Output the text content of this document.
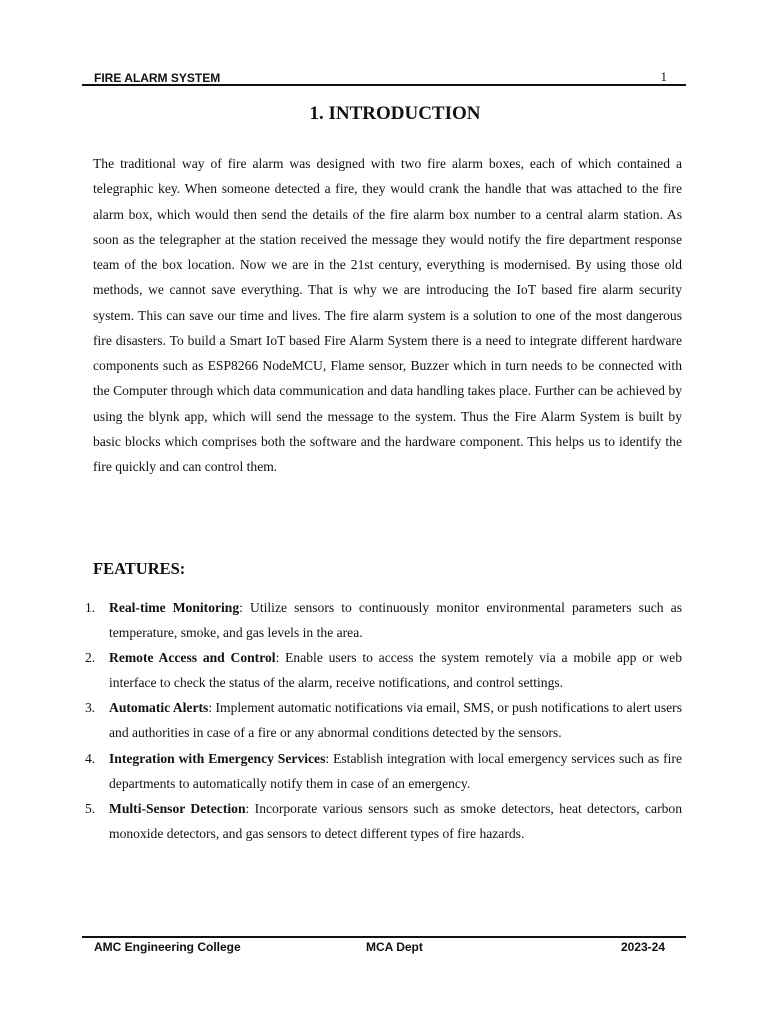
FIRE ALARM SYSTEM	1
1. INTRODUCTION

The traditional way of fire alarm was designed with two fire alarm boxes, each of which contained a telegraphic key. When someone detected a fire, they would crank the handle that was attached to the fire alarm box, which would then send the details of the fire alarm box number to a central alarm station. As soon as the telegrapher at the station received the message they would notify the fire department response team of the box location. Now we are in the 21st century, everything is modernised. By using those old methods, we cannot save everything. That is why we are introducing the IoT based fire alarm security system. This can save our time and lives. The fire alarm system is a solution to one of the most dangerous fire disasters. To build a Smart IoT based Fire Alarm System there is a need to integrate different hardware components such as ESP8266 NodeMCU, Flame sensor, Buzzer which in turn needs to be connected with the Computer through which data communication and data handling takes place. Further can be achieved by using the blynk app, which will send the message to the system. Thus the Fire Alarm System is built by basic blocks which comprises both the software and the hardware component. This helps us to identify the fire quickly and can control them.

FEATURES:
1. Real-time Monitoring: Utilize sensors to continuously monitor environmental parameters such as temperature, smoke, and gas levels in the area.
2. Remote Access and Control: Enable users to access the system remotely via a mobile app or web interface to check the status of the alarm, receive notifications, and control settings.
3. Automatic Alerts: Implement automatic notifications via email, SMS, or push notifications to alert users and authorities in case of a fire or any abnormal conditions detected by the sensors.
4. Integration with Emergency Services: Establish integration with local emergency services such as fire departments to automatically notify them in case of an emergency.
5. Multi-Sensor Detection: Incorporate various sensors such as smoke detectors, heat detectors, carbon monoxide detectors, and gas sensors to detect different types of fire hazards.
AMC Engineering College	MCA Dept	2023-24
